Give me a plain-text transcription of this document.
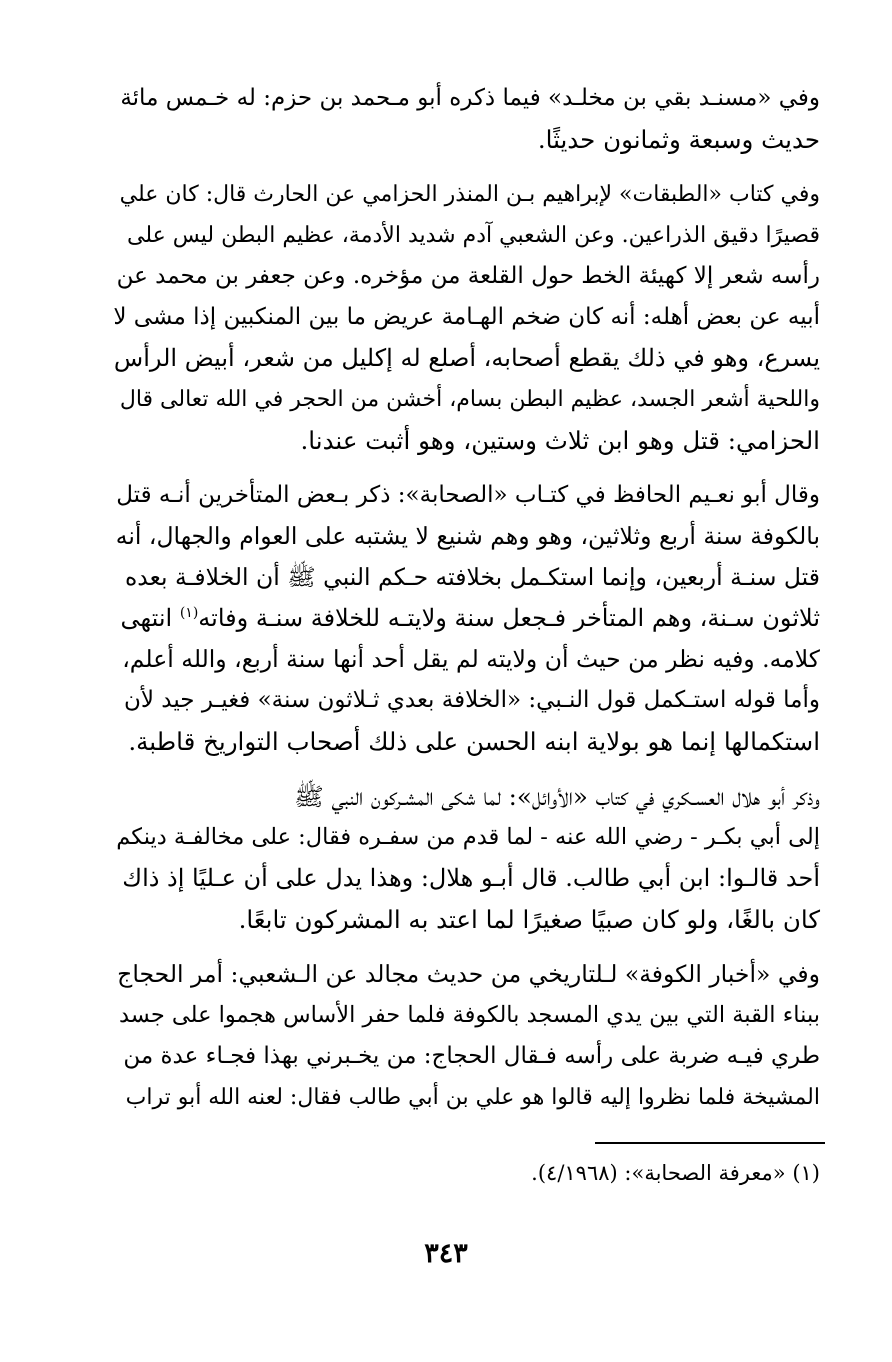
وفي «مسنـد بقي بن مخلـد» فيما ذكره أبو مـحمد بن حزم: له خـمس مائة
حديث وسبعة وثمانون حديثًا.

وفي كتاب «الطبقات» لإبراهيم بـن المنذر الحزامي عن الحارث قال: كان علي
قصيرًا دقيق الذراعين. وعن الشعبي آدم شديد الأدمة، عظيم البطن ليس على
رأسه شعر إلا كهيئة الخط حول القلعة من مؤخره. وعن جعفر بن محمد عن
أبيه عن بعض أهله: أنه كان ضخم الهـامة عريض ما بين المنكبين إذا مشى لا
يسرع، وهو في ذلك يقطع أصحابه، أصلع له إكليل من شعر، أبيض الرأس
واللحية أشعر الجسد، عظيم البطن بسام، أخشن من الحجر في الله تعالى قال
الحزامي: قتل وهو ابن ثلاث وستين، وهو أثبت عندنا.

وقال أبو نعـيم الحافظ في كتـاب «الصحابة»: ذكر بـعض المتأخرين أنـه قتل
بالكوفة سنة أربع وثلاثين، وهو وهم شنيع لا يشتبه على العوام والجهال، أنه
قتل سنـة أربعين، وإنما استكـمل بخلافته حـكم النبي ﷺ أن الخلافـة بعده
ثلاثون سـنة، وهم المتأخر فـجعل سنة ولايتـه للخلافة سنـة وفاته$^{(١)}$ انتهى
كلامه. وفيه نظر من حيث أن ولايته لم يقل أحد أنها سنة أربع، والله أعلم،
وأما قوله استـكمل قول النـبي: «الخلافة بعدي ثـلاثون سنة» فغيـر جيد لأن
استكمالها إنما هو بولاية ابنه الحسن على ذلك أصحاب التواريخ قاطبة.

وذكر أبو هلال العسـكري في كتاب «الأوائل»: لما شكى المشـركون النبي ﷺ
إلى أبي بكـر - رضي الله عنه - لما قدم من سفـره فقال: على مخالفـة دينكم
أحد قالـوا: ابن أبي طالب. قال أبـو هلال: وهذا يدل على أن عـليًا إذ ذاك
كان بالغًا، ولو كان صبيًا صغيرًا لما اعتد به المشركون تابعًا.

وفي «أخبار الكوفة» لـلتاريخي من حديث مجالد عن الـشعبي: أمر الحجاج
ببناء القبة التي بين يدي المسجد بالكوفة فلما حفر الأساس هجموا على جسد
طري فيـه ضربة على رأسه فـقال الحجاج: من يخـبرني بهذا فجـاء عدة من
المشيخة فلما نظروا إليه قالوا هو علي بن أبي طالب فقال: لعنه الله أبو تراب

(١) «معرفة الصحابة»: (٤/١٩٦٨).
٣٤٣
